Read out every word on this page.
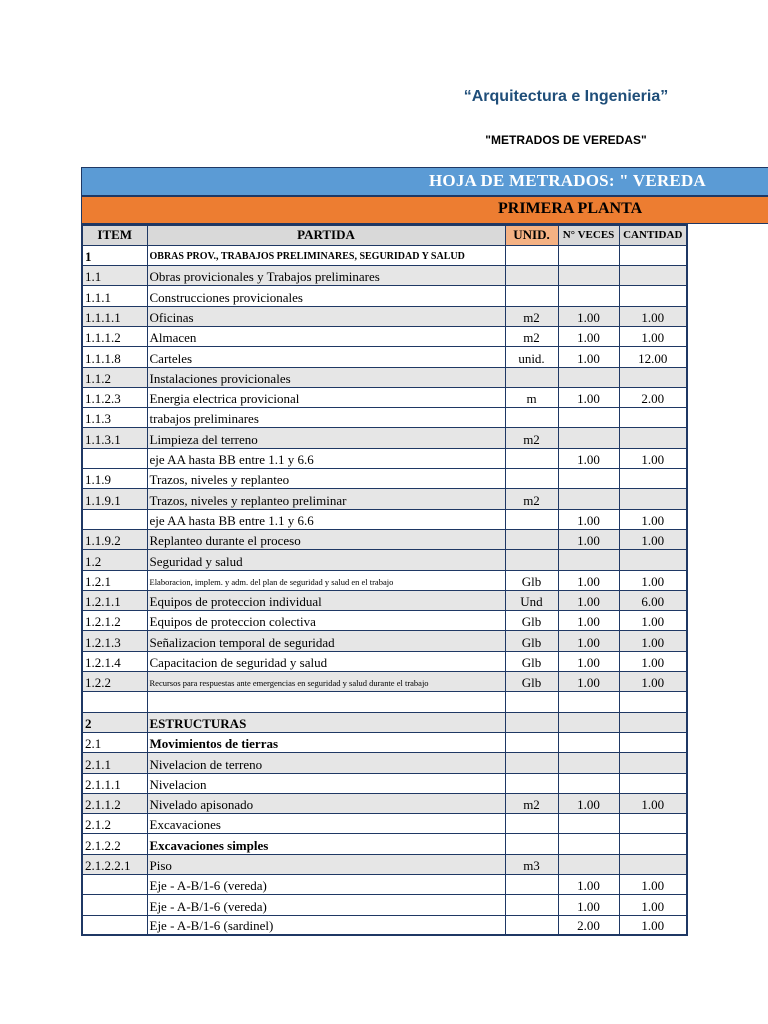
“Arquitectura e Ingenieria”
"METRADOS DE VEREDAS"
HOJA DE METRADOS: " VEREDA
PRIMERA PLANTA
ITEM	PARTIDA	UNID.	N° VECES	CANTIDAD
1	OBRAS PROV., TRABAJOS PRELIMINARES, SEGURIDAD Y SALUD			
1.1	Obras provicionales y Trabajos preliminares			
1.1.1	Construcciones provicionales			
1.1.1.1	Oficinas	m2	1.00	1.00
1.1.1.2	Almacen	m2	1.00	1.00
1.1.1.8	Carteles	unid.	1.00	12.00
1.1.2	Instalaciones provicionales			
1.1.2.3	Energia electrica provicional	m	1.00	2.00
1.1.3	trabajos preliminares			
1.1.3.1	Limpieza del terreno	m2		
	eje AA hasta BB entre 1.1 y 6.6		1.00	1.00
1.1.9	Trazos, niveles y replanteo			
1.1.9.1	Trazos, niveles y replanteo preliminar	m2		
	eje AA hasta BB entre 1.1 y 6.6		1.00	1.00
1.1.9.2	Replanteo durante el proceso		1.00	1.00
1.2	Seguridad y salud			
1.2.1	Elaboracion, implem. y adm. del plan de seguridad y salud en el trabajo	Glb	1.00	1.00
1.2.1.1	Equipos de proteccion individual	Und	1.00	6.00
1.2.1.2	Equipos de proteccion colectiva	Glb	1.00	1.00
1.2.1.3	Señalizacion temporal de seguridad	Glb	1.00	1.00
1.2.1.4	Capacitacion de seguridad y salud	Glb	1.00	1.00
1.2.2	Recursos para respuestas ante emergencias en seguridad y salud durante el trabajo	Glb	1.00	1.00

2	ESTRUCTURAS			
2.1	Movimientos de tierras			
2.1.1	Nivelacion de terreno			
2.1.1.1	Nivelacion			
2.1.1.2	Nivelado apisonado	m2	1.00	1.00
2.1.2	Excavaciones			
2.1.2.2	Excavaciones simples			
2.1.2.2.1	Piso	m3		
	Eje - A-B/1-6 (vereda)		1.00	1.00
	Eje - A-B/1-6 (vereda)		1.00	1.00
	Eje - A-B/1-6 (sardinel)		2.00	1.00
